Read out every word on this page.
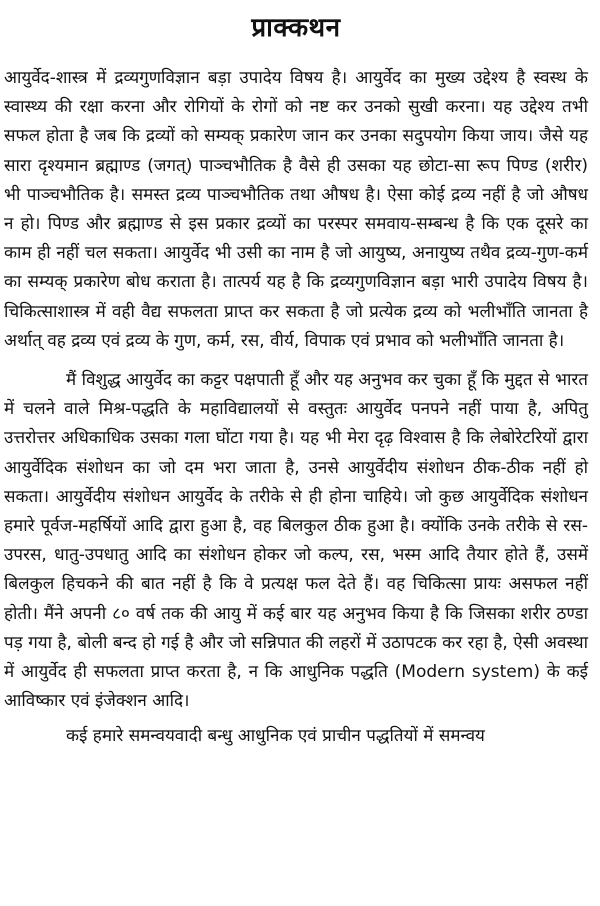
प्राक्कथन

आयुर्वेद-शास्त्र में द्रव्यगुणविज्ञान बड़ा उपादेय विषय है। आयुर्वेद का मुख्य उद्देश्य है स्वस्थ के स्वास्थ्य की रक्षा करना और रोगियों के रोगों को नष्ट कर उनको सुखी करना। यह उद्देश्य तभी सफल होता है जब कि द्रव्यों को सम्यक् प्रकारेण जान कर उनका सदुपयोग किया जाय। जैसे यह सारा दृश्यमान ब्रह्माण्ड (जगत्) पाञ्चभौतिक है वैसे ही उसका यह छोटा-सा रूप पिण्ड (शरीर) भी पाञ्चभौतिक है। समस्त द्रव्य पाञ्चभौतिक तथा औषध है। ऐसा कोई द्रव्य नहीं है जो औषध न हो। पिण्ड और ब्रह्माण्ड से इस प्रकार द्रव्यों का परस्पर समवाय-सम्बन्ध है कि एक दूसरे का काम ही नहीं चल सकता। आयुर्वेद भी उसी का नाम है जो आयुष्य, अनायुष्य तथैव द्रव्य-गुण-कर्म का सम्यक् प्रकारेण बोध कराता है। तात्पर्य यह है कि द्रव्यगुणविज्ञान बड़ा भारी उपादेय विषय है। चिकित्साशास्त्र में वही वैद्य सफलता प्राप्त कर सकता है जो प्रत्येक द्रव्य को भलीभाँति जानता है अर्थात् वह द्रव्य एवं द्रव्य के गुण, कर्म, रस, वीर्य, विपाक एवं प्रभाव को भलीभाँति जानता है।

मैं विशुद्ध आयुर्वेद का कट्टर पक्षपाती हूँ और यह अनुभव कर चुका हूँ कि मुद्दत से भारत में चलने वाले मिश्र-पद्धति के महाविद्यालयों से वस्तुतः आयुर्वेद पनपने नहीं पाया है, अपितु उत्तरोत्तर अधिकाधिक उसका गला घोंटा गया है। यह भी मेरा दृढ़ विश्वास है कि लेबोरेटरियों द्वारा आयुर्वेदिक संशोधन का जो दम भरा जाता है, उनसे आयुर्वेदीय संशोधन ठीक-ठीक नहीं हो सकता। आयुर्वेदीय संशोधन आयुर्वेद के तरीके से ही होना चाहिये। जो कुछ आयुर्वेदिक संशोधन हमारे पूर्वज-महर्षियों आदि द्वारा हुआ है, वह बिलकुल ठीक हुआ है। क्योंकि उनके तरीके से रस-उपरस, धातु-उपधातु आदि का संशोधन होकर जो कल्प, रस, भस्म आदि तैयार होते हैं, उसमें बिलकुल हिचकने की बात नहीं है कि वे प्रत्यक्ष फल देते हैं। वह चिकित्सा प्रायः असफल नहीं होती। मैंने अपनी ८० वर्ष तक की आयु में कई बार यह अनुभव किया है कि जिसका शरीर ठण्डा पड़ गया है, बोली बन्द हो गई है और जो सन्निपात की लहरों में उठापटक कर रहा है, ऐसी अवस्था में आयुर्वेद ही सफलता प्राप्त करता है, न कि आधुनिक पद्धति (Modern system) के कई आविष्कार एवं इंजेक्शन आदि।

कई हमारे समन्वयवादी बन्धु आधुनिक एवं प्राचीन पद्धतियों में समन्वय
